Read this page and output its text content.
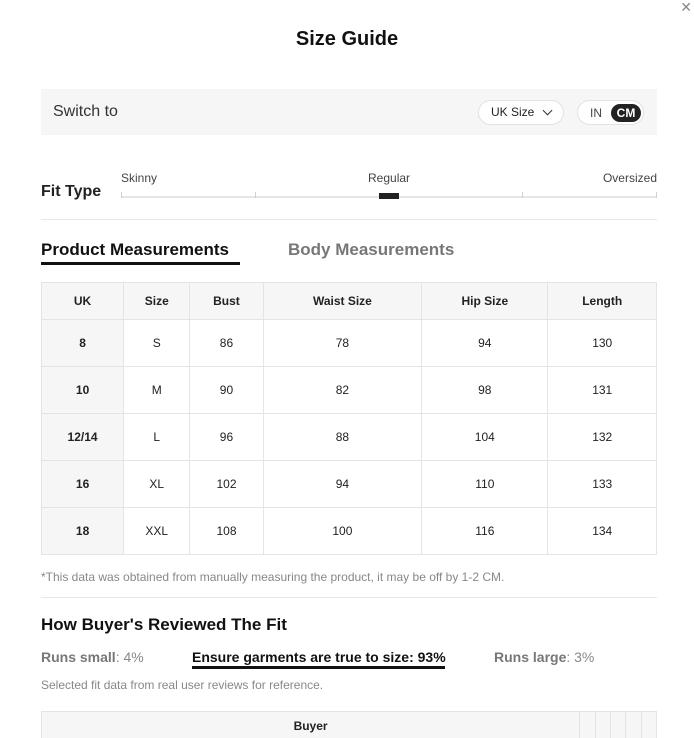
✕
Size Guide
Switch to	UK Size	IN	CM
Fit Type
Skinny	Regular	Oversized
Product Measurements	Body Measurements
UK	Size	Bust	Waist Size	Hip Size	Length
8	S	86	78	94	130
10	M	90	82	98	131
12/14	L	96	88	104	132
16	XL	102	94	110	133
18	XXL	108	100	116	134
*This data was obtained from manually measuring the product, it may be off by 1-2 CM.
How Buyer's Reviewed The Fit
Runs small: 4%	Ensure garments are true to size: 93%	Runs large: 3%
Selected fit data from real user reviews for reference.
Buyer					
